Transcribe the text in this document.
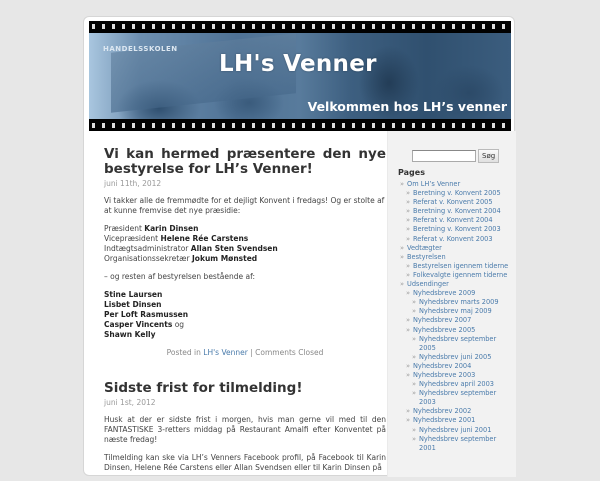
HANDELSSKOLEN
LH's Venner
Velkommen hos LH’s venner
Vi kan hermed præsentere den nye
bestyrelse for LH’s Venner!
juni 11th, 2012

Vi takker alle de fremmødte for et dejligt Konvent i fredags! Og er stolte af at kunne fremvise det nye præsidie:

Præsident Karin Dinsen
Vicepræsident Helene Rée Carstens
Indtægtsadministrator Allan Sten Svendsen
Organisationssekretær Jokum Mønsted

– og resten af bestyrelsen bestående af:

Stine Laursen
Lisbet Dinsen
Per Loft Rasmussen
Casper Vincents og
Shawn Kelly

Posted in LH's Venner | Comments Closed

Sidste frist for tilmelding!
juni 1st, 2012

Husk at der er sidste frist i morgen, hvis man gerne vil med til den FANTASTISKE 3-retters middag på Restaurant Amalfi efter Konventet på næste fredag!

Tilmelding kan ske via LH’s Venners Facebook profil, på Facebook til Karin Dinsen, Helene Rée Carstens eller Allan Svendsen eller til Karin Dinsen på

Søg
Pages
» Om LH’s Venner
» Beretning v. Konvent 2005
» Referat v. Konvent 2005
» Beretning v. Konvent 2004
» Referat v. Konvent 2004
» Beretning v. Konvent 2003
» Referat v. Konvent 2003
» Vedtægter
» Bestyrelsen
» Bestyrelsen igennem tiderne
» Folkevalgte igennem tiderne
» Udsendinger
» Nyhedsbreve 2009
» Nyhedsbrev marts 2009
» Nyhedsbrev maj 2009
» Nyhedsbrev 2007
» Nyhedsbreve 2005
» Nyhedsbrev september 2005
» Nyhedsbrev juni 2005
» Nyhedsbrev 2004
» Nyhedsbreve 2003
» Nyhedsbrev april 2003
» Nyhedsbrev september 2003
» Nyhedsbrev 2002
» Nyhedsbreve 2001
» Nyhedsbrev juni 2001
» Nyhedsbrev september 2001
